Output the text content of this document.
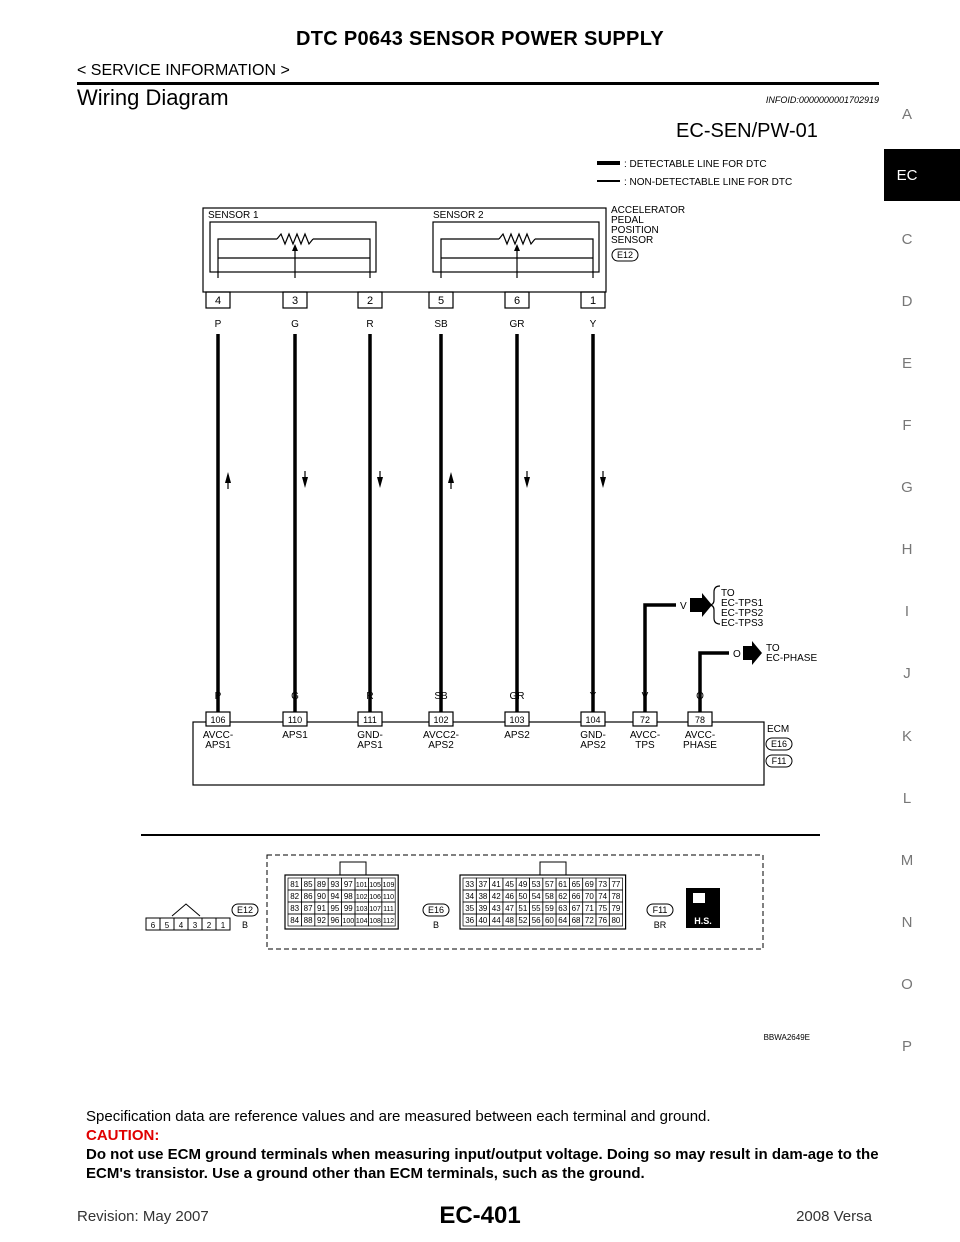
DTC P0643 SENSOR POWER SUPPLY
< SERVICE INFORMATION >
Wiring Diagram	INFOID:0000000001702919
A
EC
C
D
E
F
G
H
I
J
K
L
M
N
O
P
EC-SEN/PW-01
: DETECTABLE LINE FOR DTC
: NON-DETECTABLE LINE FOR DTC
SENSOR 1	SENSOR 2	ACCELERATOR
PEDAL
POSITION
SENSOR
E12
4
P
3
G
2
R
5
SB
6
GR
1
Y
V
TO
EC-TPS1
EC-TPS2
EC-TPS3
O
TO
EC-PHASE
ECM
E16
F11
P
106
AVCC-
APS1
G
110
APS1
R
111
GND-
APS1
SB
102
AVCC2-
APS2
GR
103
APS2
Y
104
GND-
APS2
V
72
AVCC-
TPS
O
78
AVCC-
PHASE
6 5 4 3 2 1
E12
B
81 85 89 93 97 101 105 109
82 86 90 94 98 102 106 110
83 87 91 95 99 103 107 111
84 88 92 96 100 104 108 112
E16
B
33 37 41 45 49 53 57 61 65 69 73 77
34 38 42 46 50 54 58 62 66 70 74 78
35 39 43 47 51 55 59 63 67 71 75 79
36 40 44 48 52 56 60 64 68 72 76 80
F11
BR	H.S.
BBWA2649E
Specification data are reference values and are measured between each terminal and ground.
CAUTION:
Do not use ECM ground terminals when measuring input/output voltage. Doing so may result in dam-age to the ECM's transistor. Use a ground other than ECM terminals, such as the ground.
Revision: May 2007	EC-401	2008 Versa
